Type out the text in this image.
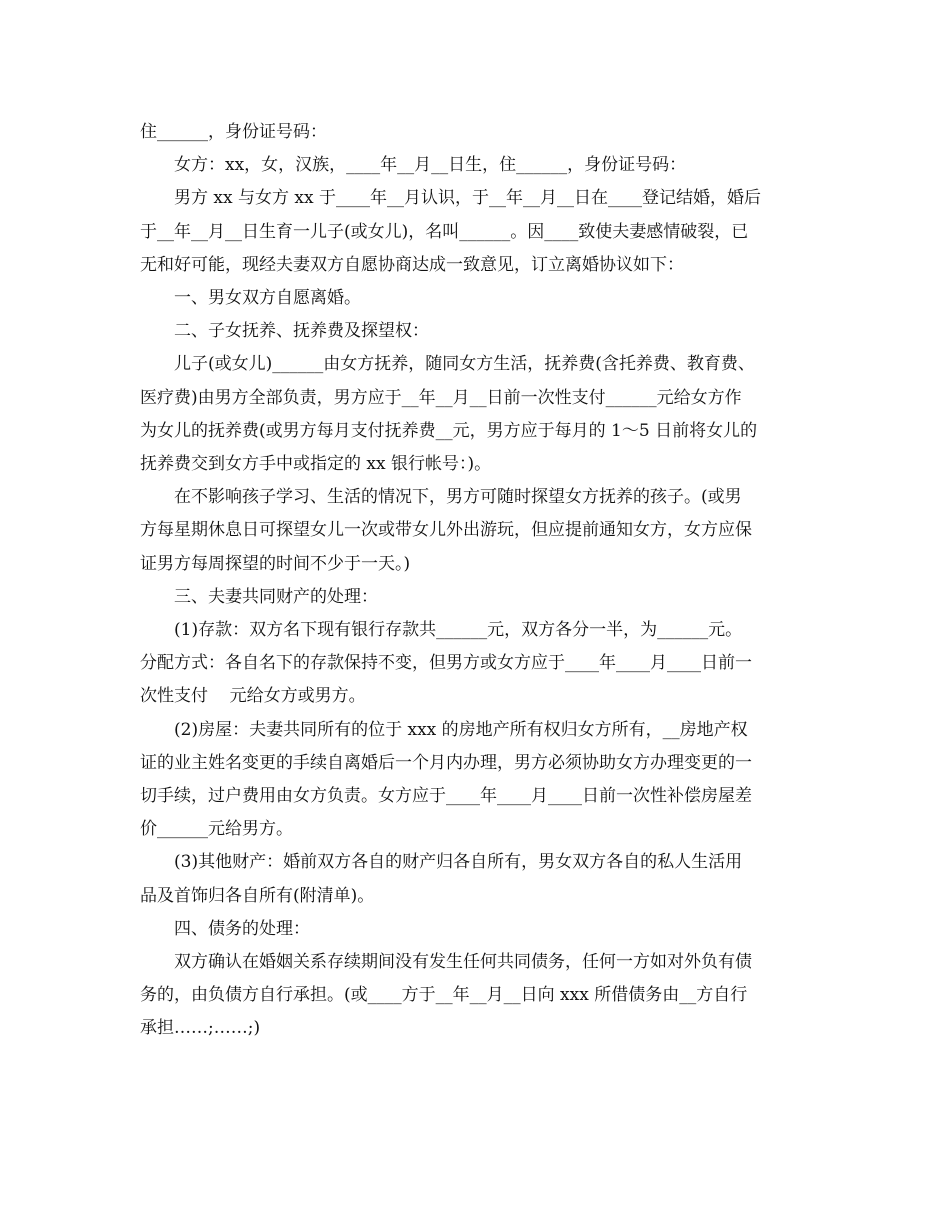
住______，身份证号码：
女方：xx，女，汉族，____年__月__日生，住______，身份证号码：
男方 xx 与女方 xx 于____年__月认识，于__年__月__日在____登记结婚，婚后
于__年__月__日生育一儿子(或女儿)，名叫______。因____致使夫妻感情破裂，已
无和好可能，现经夫妻双方自愿协商达成一致意见，订立离婚协议如下：
一、男女双方自愿离婚。
二、子女抚养、抚养费及探望权：
儿子(或女儿)______由女方抚养，随同女方生活，抚养费(含托养费、教育费、
医疗费)由男方全部负责，男方应于__年__月__日前一次性支付______元给女方作
为女儿的抚养费(或男方每月支付抚养费__元，男方应于每月的 1～5 日前将女儿的
抚养费交到女方手中或指定的 xx 银行帐号：)。
在不影响孩子学习、生活的情况下，男方可随时探望女方抚养的孩子。(或男
方每星期休息日可探望女儿一次或带女儿外出游玩，但应提前通知女方，女方应保
证男方每周探望的时间不少于一天。)
三、夫妻共同财产的处理：
(1)存款：双方名下现有银行存款共______元，双方各分一半，为______元。
分配方式：各自名下的存款保持不变，但男方或女方应于____年____月____日前一
次性支付    元给女方或男方。
(2)房屋：夫妻共同所有的位于 xxx 的房地产所有权归女方所有，__房地产权
证的业主姓名变更的手续自离婚后一个月内办理，男方必须协助女方办理变更的一
切手续，过户费用由女方负责。女方应于____年____月____日前一次性补偿房屋差
价______元给男方。
(3)其他财产：婚前双方各自的财产归各自所有，男女双方各自的私人生活用
品及首饰归各自所有(附清单)。
四、债务的处理：
双方确认在婚姻关系存续期间没有发生任何共同债务，任何一方如对外负有债
务的，由负债方自行承担。(或____方于__年__月__日向 xxx 所借债务由__方自行
承担……;……;)
